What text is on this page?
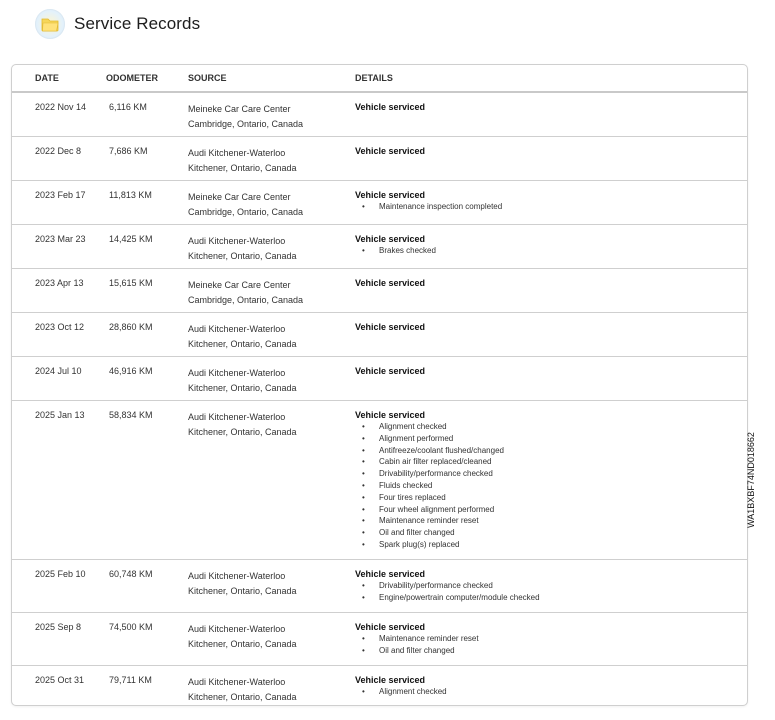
Service Records
DATE	ODOMETER	SOURCE	DETAILS
2022 Nov 14	6,116 KM	Meineke Car Care Center
Cambridge, Ontario, Canada
Vehicle serviced
2022 Dec 8	7,686 KM	Audi Kitchener-Waterloo
Kitchener, Ontario, Canada
Vehicle serviced
2023 Feb 17	11,813 KM	Meineke Car Care Center
Cambridge, Ontario, Canada
Vehicle serviced
• Maintenance inspection completed
2023 Mar 23	14,425 KM	Audi Kitchener-Waterloo
Kitchener, Ontario, Canada
Vehicle serviced
• Brakes checked
2023 Apr 13	15,615 KM	Meineke Car Care Center
Cambridge, Ontario, Canada
Vehicle serviced
2023 Oct 12	28,860 KM	Audi Kitchener-Waterloo
Kitchener, Ontario, Canada
Vehicle serviced
2024 Jul 10	46,916 KM	Audi Kitchener-Waterloo
Kitchener, Ontario, Canada
Vehicle serviced
2025 Jan 13	58,834 KM	Audi Kitchener-Waterloo
Kitchener, Ontario, Canada
Vehicle serviced
• Alignment checked
• Alignment performed
• Antifreeze/coolant flushed/changed
• Cabin air filter replaced/cleaned
• Drivability/performance checked
• Fluids checked
• Four tires replaced
• Four wheel alignment performed
• Maintenance reminder reset
• Oil and filter changed
• Spark plug(s) replaced
2025 Feb 10	60,748 KM	Audi Kitchener-Waterloo
Kitchener, Ontario, Canada
Vehicle serviced
• Drivability/performance checked
• Engine/powertrain computer/module checked
2025 Sep 8	74,500 KM	Audi Kitchener-Waterloo
Kitchener, Ontario, Canada
Vehicle serviced
• Maintenance reminder reset
• Oil and filter changed
2025 Oct 31	79,711 KM	Audi Kitchener-Waterloo
Kitchener, Ontario, Canada
Vehicle serviced
• Alignment checked
WA1BXBF74ND018662
